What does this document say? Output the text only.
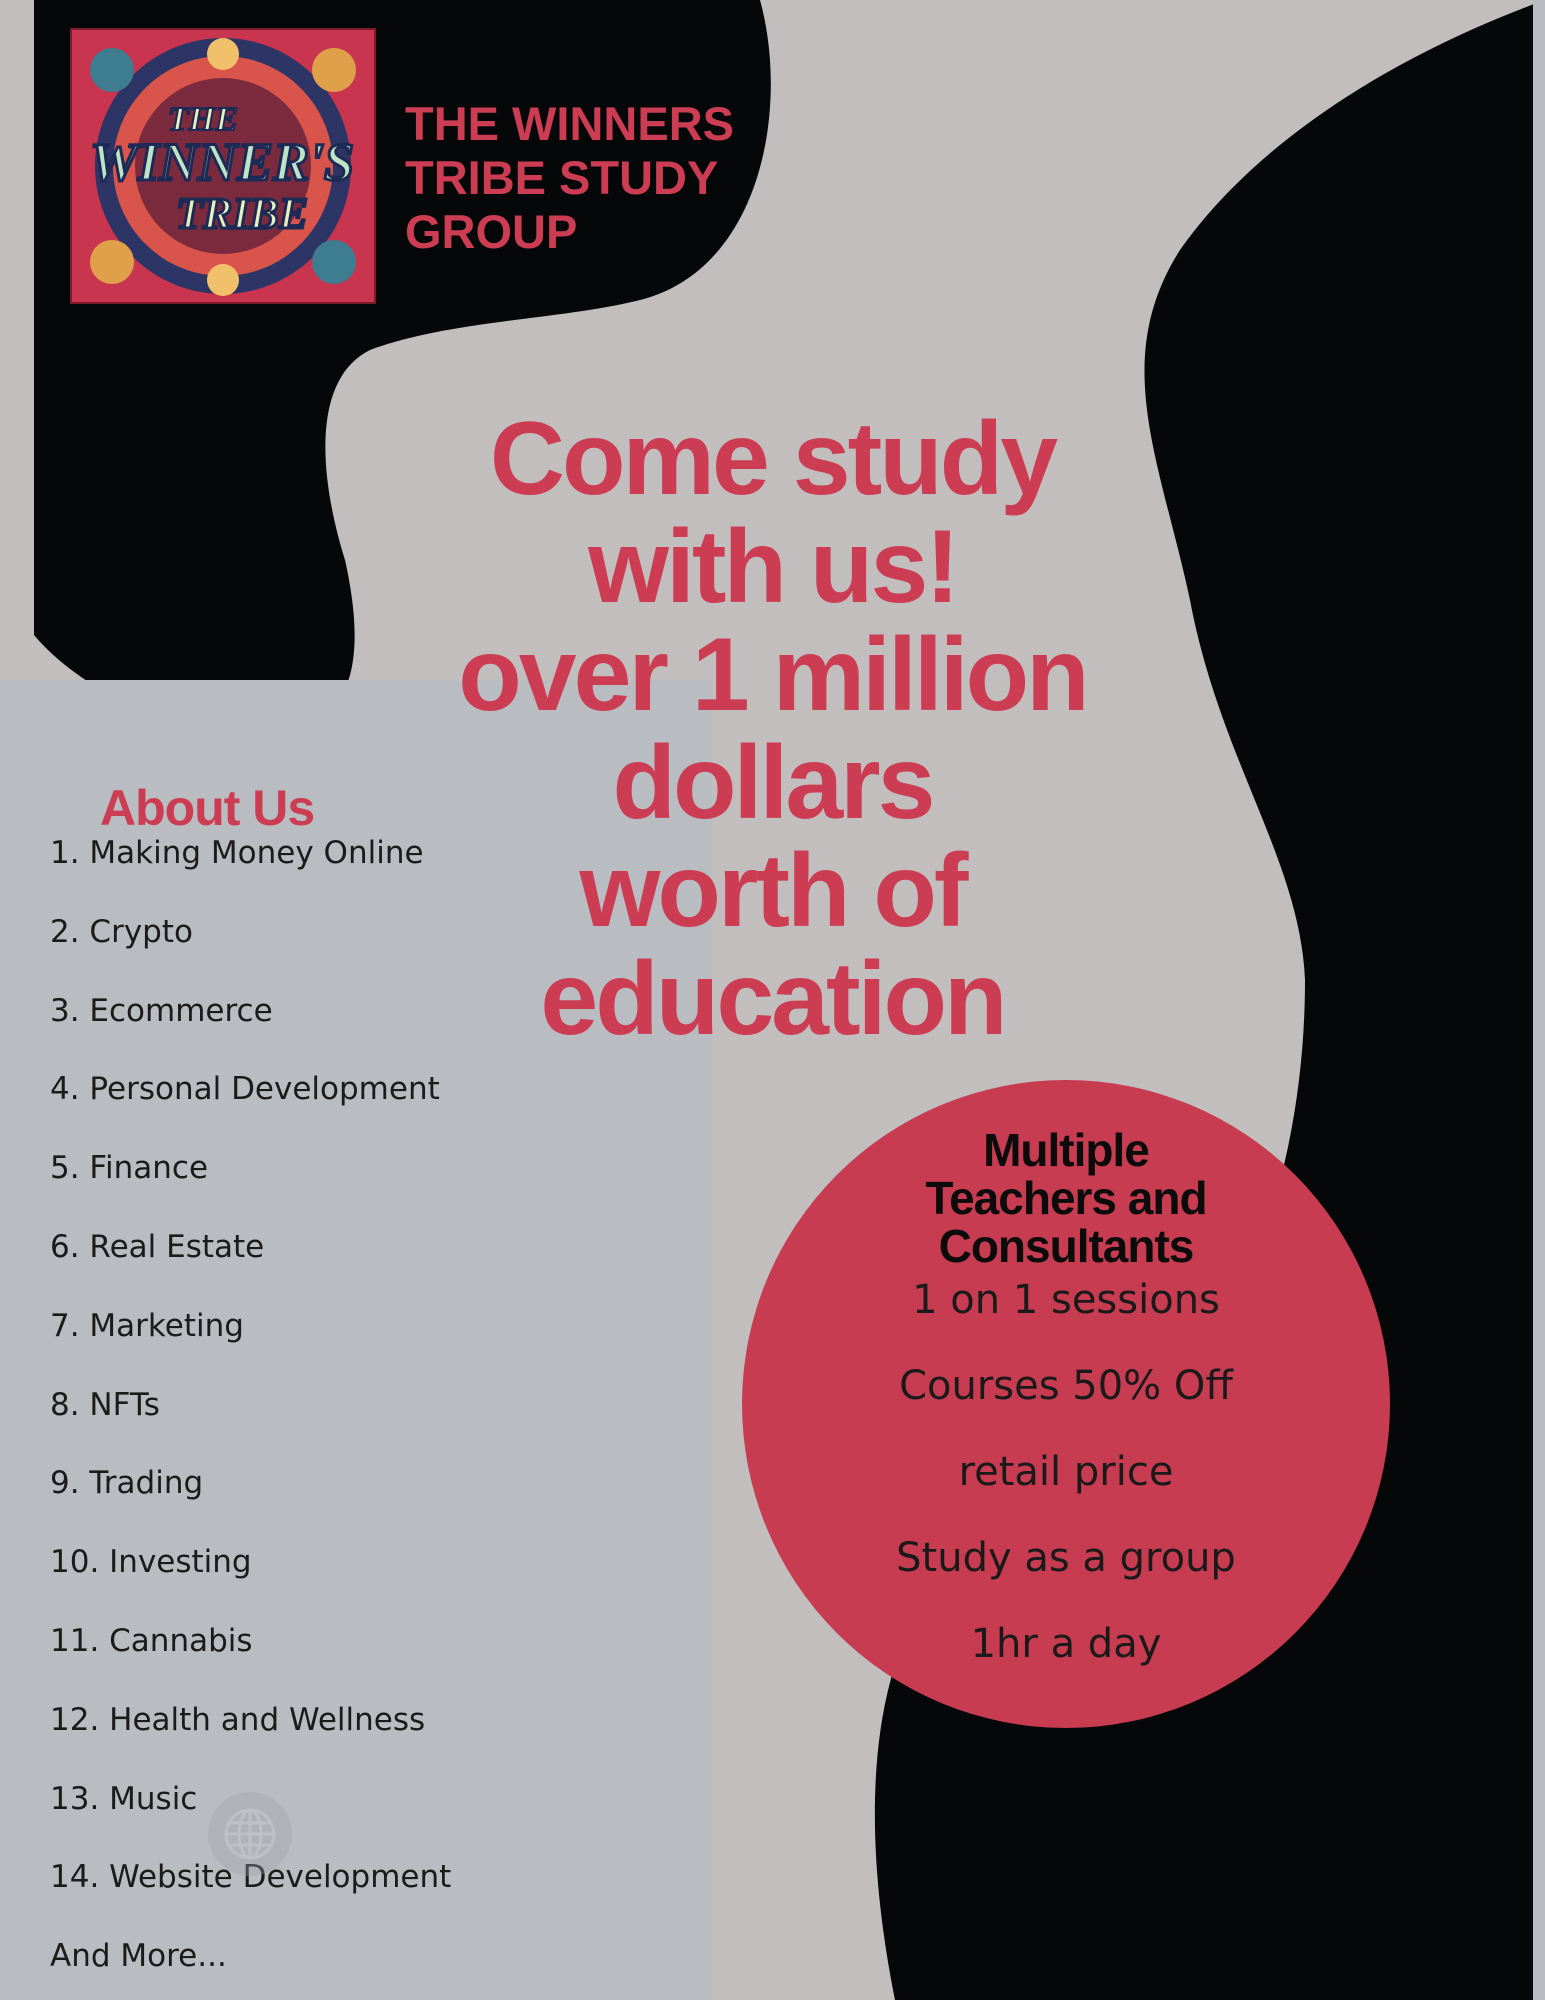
THE
WINNER'S
TRIBE
THE WINNERS
TRIBE STUDY
GROUP
Come study
with us!
over 1 million
dollars
worth of
education
About Us
1. Making Money Online
2. Crypto
3. Ecommerce
4. Personal Development
5. Finance
6. Real Estate
7. Marketing
8. NFTs
9. Trading
10. Investing
11. Cannabis
12. Health and Wellness
13. Music
14. Website Development
And More...
Multiple
Teachers and
Consultants
1 on 1 sessions
Courses 50% Off
retail price
Study as a group
1hr a day
